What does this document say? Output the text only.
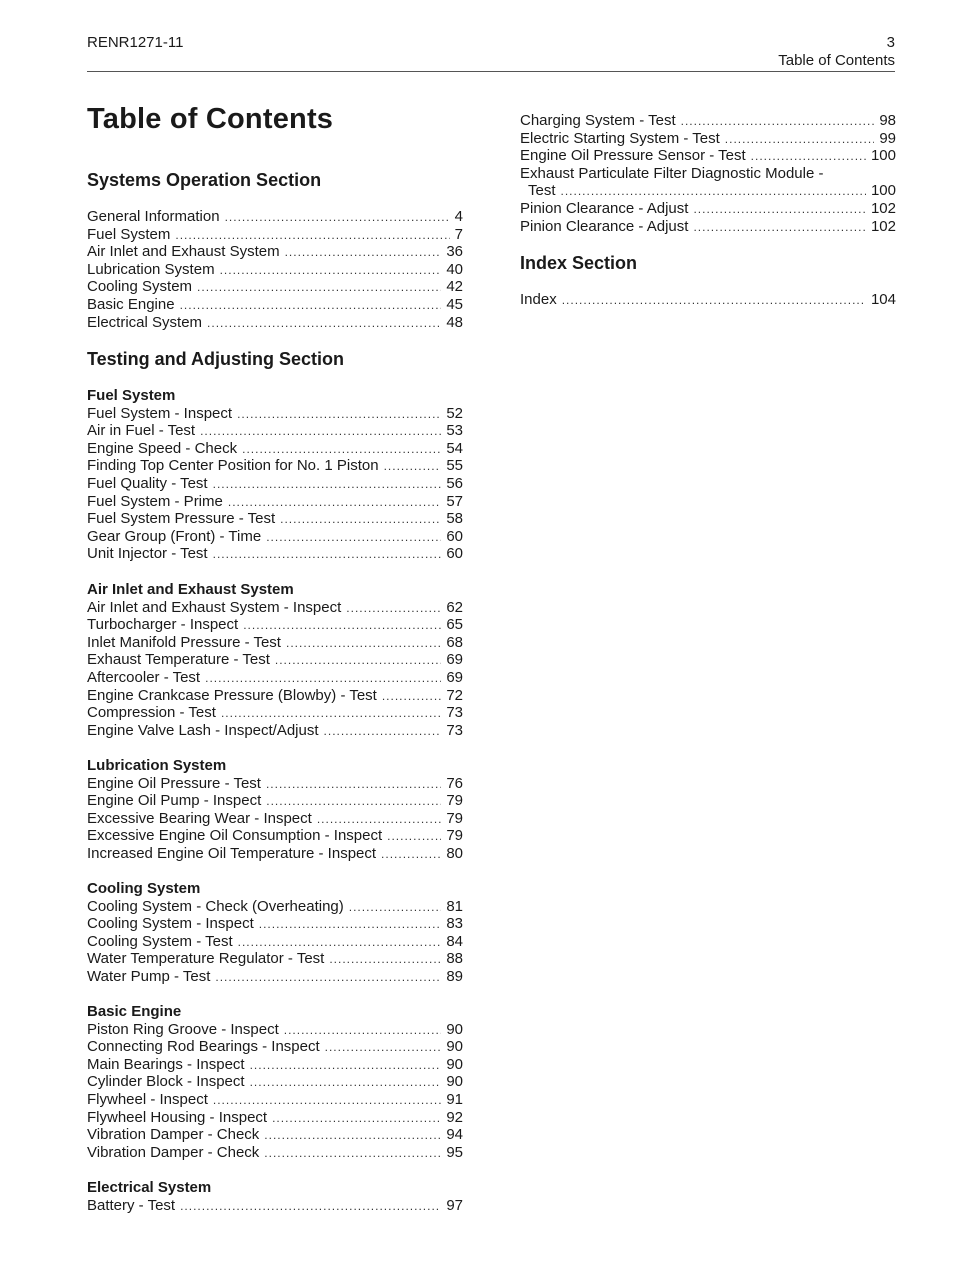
RENR1271-11	3
Table of Contents
Table of Contents
Systems Operation Section
General Information .....	4
Fuel System .....	7
Air Inlet and Exhaust System .....	36
Lubrication System .....	40
Cooling System .....	42
Basic Engine .....	45
Electrical System .....	48
Testing and Adjusting Section
Fuel System
Fuel System - Inspect .....	52
Air in Fuel - Test .....	53
Engine Speed - Check .....	54
Finding Top Center Position for No. 1 Piston .....	55
Fuel Quality - Test .....	56
Fuel System - Prime .....	57
Fuel System Pressure - Test .....	58
Gear Group (Front) - Time .....	60
Unit Injector - Test .....	60
Air Inlet and Exhaust System
Air Inlet and Exhaust System - Inspect .....	62
Turbocharger - Inspect .....	65
Inlet Manifold Pressure - Test .....	68
Exhaust Temperature - Test .....	69
Aftercooler - Test .....	69
Engine Crankcase Pressure (Blowby) - Test .....	72
Compression - Test .....	73
Engine Valve Lash - Inspect/Adjust .....	73
Lubrication System
Engine Oil Pressure - Test .....	76
Engine Oil Pump - Inspect .....	79
Excessive Bearing Wear - Inspect .....	79
Excessive Engine Oil Consumption - Inspect .....	79
Increased Engine Oil Temperature - Inspect .....	80
Cooling System
Cooling System - Check (Overheating) .....	81
Cooling System - Inspect .....	83
Cooling System - Test .....	84
Water Temperature Regulator - Test .....	88
Water Pump - Test .....	89
Basic Engine
Piston Ring Groove - Inspect .....	90
Connecting Rod Bearings - Inspect .....	90
Main Bearings - Inspect .....	90
Cylinder Block - Inspect .....	90
Flywheel - Inspect .....	91
Flywheel Housing - Inspect .....	92
Vibration Damper - Check .....	94
Vibration Damper - Check .....	95
Electrical System
Battery - Test .....	97
Charging System - Test .....	98
Electric Starting System - Test .....	99
Engine Oil Pressure Sensor - Test .....	100
Exhaust Particulate Filter Diagnostic Module -
Test .....	100
Pinion Clearance - Adjust .....	102
Pinion Clearance - Adjust .....	102
Index Section
Index .....	104
